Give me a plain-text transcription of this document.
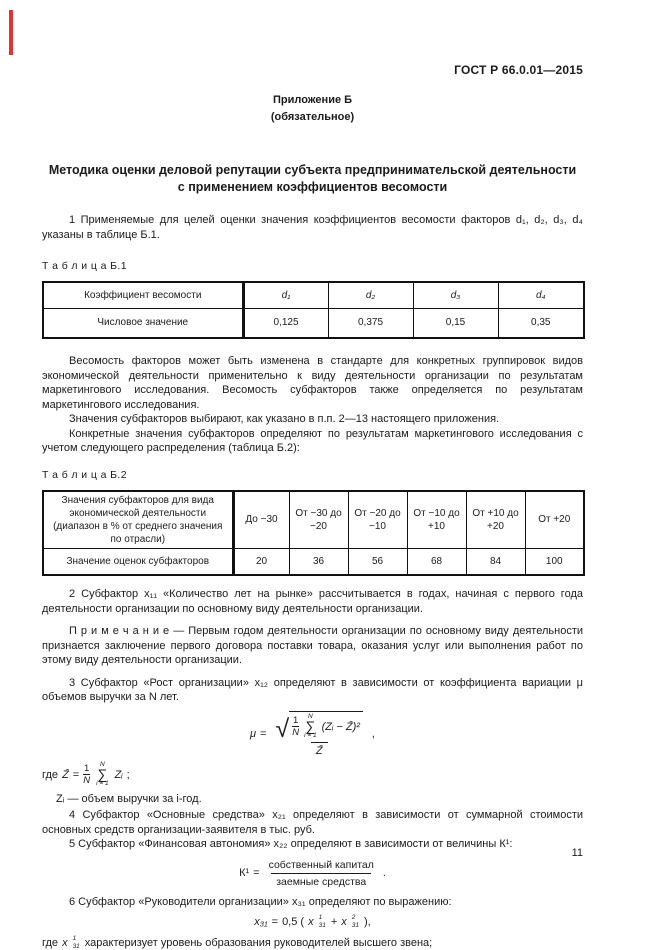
ГОСТ Р 66.0.01—2015
Приложение Б
(обязательное)
Методика оценки деловой репутации субъекта предпринимательской деятельности
с применением коэффициентов весомости

1 Применяемые для целей оценки значения коэффициентов весомости факторов d₁, d₂, d₃, d₄ указаны в таблице Б.1.

Т а б л и ц а Б.1
Коэффициент весомости	d₁	d₂	d₃	d₄
Числовое значение	0,125	0,375	0,15	0,35

Весомость факторов может быть изменена в стандарте для конкретных группировок видов экономической деятельности применительно к виду деятельности организации по результатам маркетингового исследования. Весомость субфакторов также определяется по результатам маркетингового исследования.

Значения субфакторов выбирают, как указано в п.п. 2—13 настоящего приложения.

Конкретные значения субфакторов определяют по результатам маркетингового исследования с учетом следующего распределения (таблица Б.2):

Т а б л и ц а Б.2
Значения субфакторов для вида экономической деятельности (диапазон в % от среднего значения по отрасли)	До −30	От −30 до −20	От −20 до −10	От −10 до +10	От +10 до +20	От +20
Значение оценок субфакторов	20	36	56	68	84	100

2 Субфактор x₁₁ «Количество лет на рынке» рассчитывается в годах, начиная с первого года деятельности организации по основному виду деятельности организации.

П р и м е ч а н и е — Первым годом деятельности организации по основному виду деятельности признается заключение первого договора поставки товара, оказания услуг или выполнения работ по этому виду деятельности организации.

3 Субфактор «Рост организации» x₁₂ определяют в зависимости от коэффициента вариации μ объемов выручки за N лет.

μ = √ $\frac{1}{N}$ N
∑
i = 1
(Zᵢ − Z̄)²
Z̄
,
где Z̄ = $\frac{1}{N}$ N
∑
i = 1
Zᵢ ;

Zᵢ — объем выручки за i-год.

4 Субфактор «Основные средства» x₂₁ определяют в зависимости от суммарной стоимости основных средств организации-заявителя в тыс. руб.

5 Субфактор «Финансовая автономия» x₂₂ определяют в зависимости от величины К¹:

$К^1 = \frac{\text{собственный капитал}}{\text{заемные средства}}$ .

6 Субфактор «Руководители организации» x₃₁ определяют по выражению:

x₃₁ = 0,5 ( x 1
31 + x 2
31 ),
где x 1
31 характеризует уровень образования руководителей высшего звена;
11
